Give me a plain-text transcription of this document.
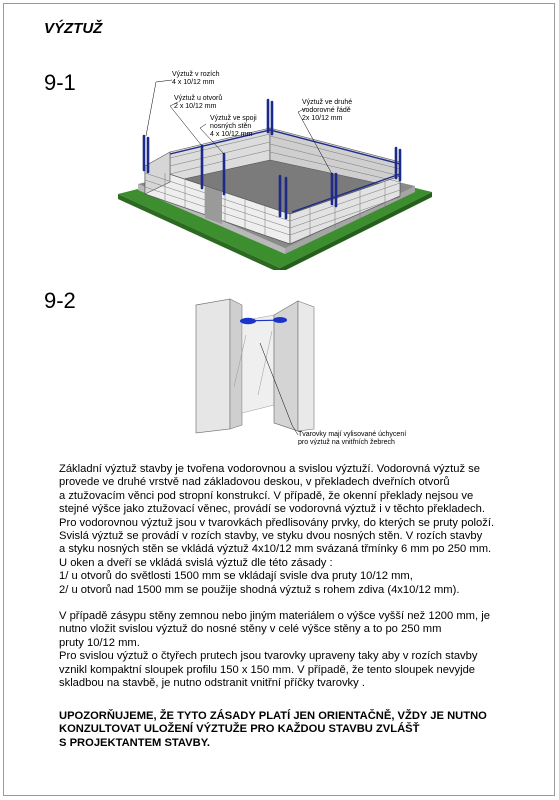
VÝZTUŽ
9-1	Výztuž v rozích
4 x 10/12 mm
Výztuž u otvorů
2 x 10/12 mm
Výztuž ve spoji
nosných stěn
4 x 10/12 mm
Výztuž ve druhé
vodorovné řádě
2x 10/12 mm
9-2
Tvarovky mají vylisované úchycení
pro výztuž na vnitřních žebrech

Základní výztuž stavby je tvořena vodorovnou a svislou výztuží. Vodorovná výztuž se

provede ve druhé vrstvě nad základovou deskou, v překladech dveřních otvorů

a ztužovacím věnci pod stropní konstrukcí. V případě, že okenní překlady nejsou ve

stejné výšce jako ztužovací věnec, provádí se vodorovná výztuž i v těchto překladech.

Pro vodorovnou výztuž jsou v tvarovkách předlisovány prvky, do kterých se pruty položí.

Svislá výztuž se provádí v rozích stavby, ve styku dvou nosných stěn. V rozích stavby

a styku nosných stěn se vkládá výztuž 4x10/12 mm svázaná třmínky 6 mm po 250 mm.

U oken a dveří se vkládá svislá výztuž dle této zásady :

1/ u otvorů do světlosti 1500 mm se vkládají svisle dva pruty 10/12 mm,

2/ u otvorů nad 1500 mm se použije shodná výztuž s rohem zdiva (4x10/12 mm).

V případě zásypu stěny zemnou nebo jiným materiálem o výšce vyšší než 1200 mm, je

nutno vložit svislou výztuž do nosné stěny v celé výšce stěny a to po 250 mm

pruty 10/12 mm.

Pro svislou výztuž o čtyřech prutech jsou tvarovky upraveny taky aby v rozích stavby

vznikl kompaktní sloupek profilu 150 x 150 mm. V případě, že tento sloupek nevyjde

skladbou na stavbě, je nutno odstranit vnitřní příčky tvarovky .

UPOZORŇUJEME, ŽE TYTO ZÁSADY PLATÍ JEN ORIENTAČNĚ, VŽDY JE NUTNO

KONZULTOVAT ULOŽENÍ VÝZTUŽE PRO KAŽDOU STAVBU ZVLÁŠŤ

S PROJEKTANTEM STAVBY.
